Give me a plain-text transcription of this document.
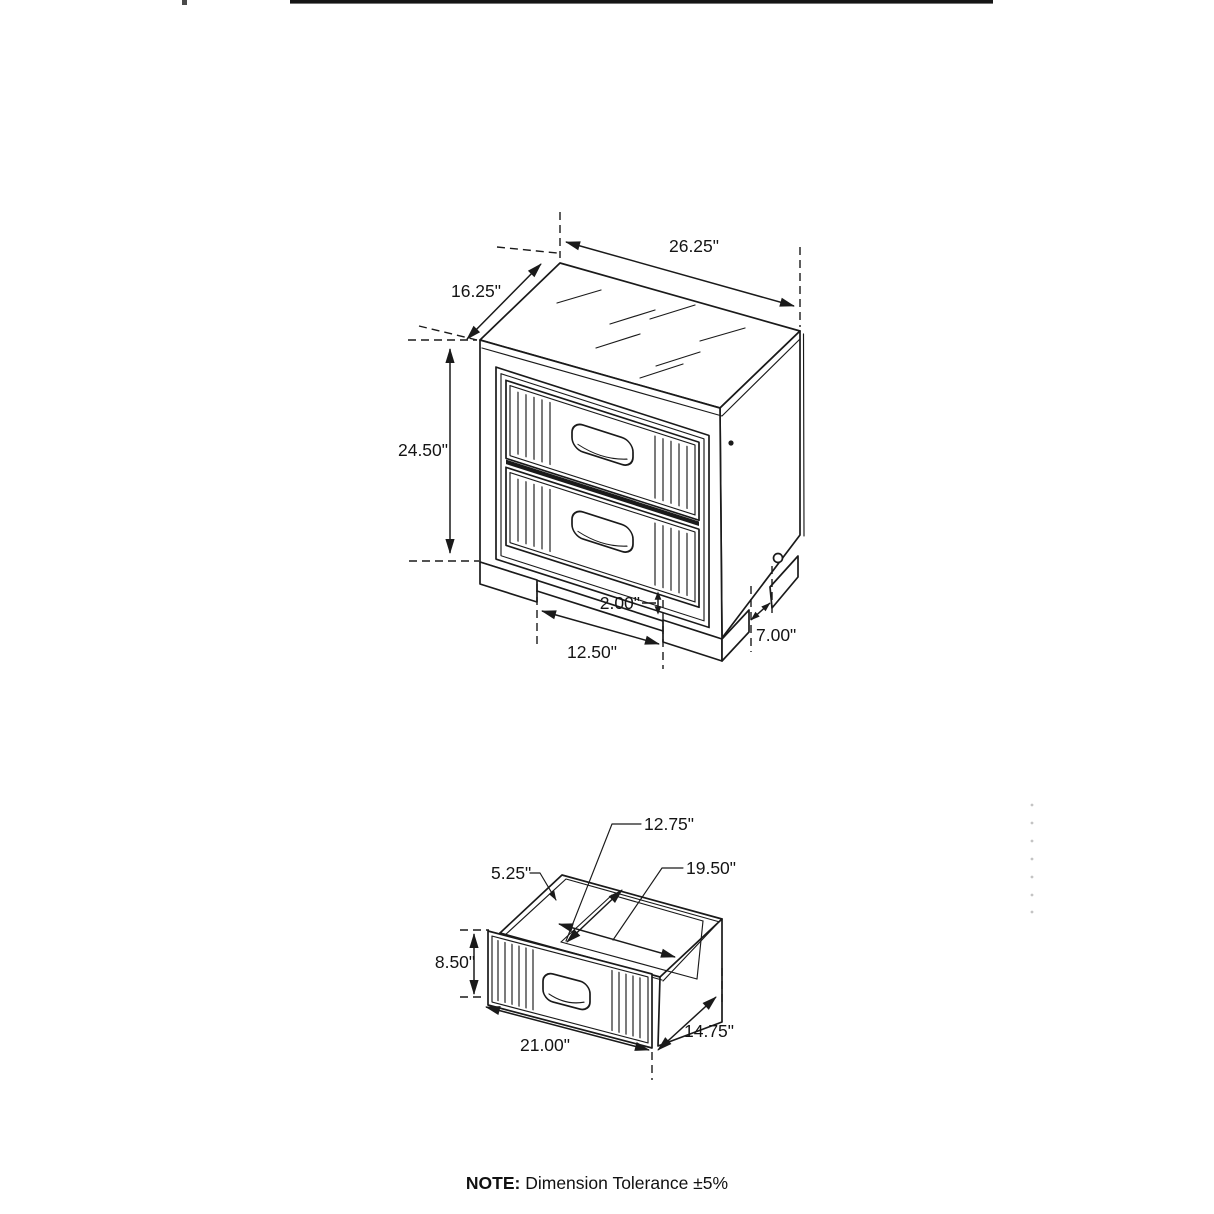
26.25"
16.25"
24.50"
2.00"
12.50"
7.00"
12.75"
19.50"
5.25"
8.50"
21.00"
14.75"
NOTE: Dimension Tolerance ±5%
